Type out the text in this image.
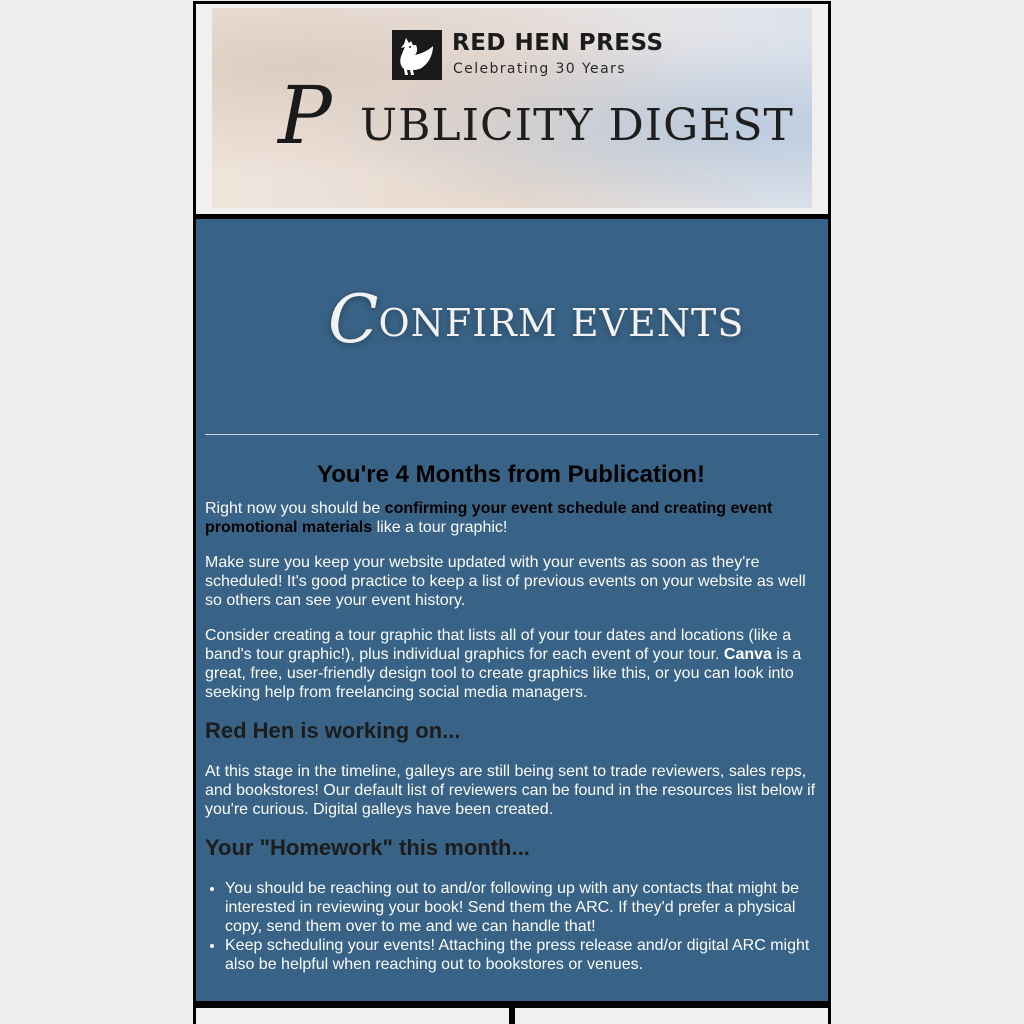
RED HEN PRESS
Celebrating 30 Years
P UBLICITY DIGEST
CONFIRM EVENTS
You're 4 Months from Publication!

Right now you should be confirming your event schedule and creating event promotional materials like a tour graphic!

Make sure you keep your website updated with your events as soon as they're scheduled! It's good practice to keep a list of previous events on your website as well so others can see your event history.

Consider creating a tour graphic that lists all of your tour dates and locations (like a band's tour graphic!), plus individual graphics for each event of your tour. Canva is a great, free, user-friendly design tool to create graphics like this, or you can look into seeking help from freelancing social media managers.

Red Hen is working on...

At this stage in the timeline, galleys are still being sent to trade reviewers, sales reps, and bookstores! Our default list of reviewers can be found in the resources list below if you're curious. Digital galleys have been created.

Your "Homework" this month...
• You should be reaching out to and/or following up with any contacts that might be interested in reviewing your book! Send them the ARC. If they'd prefer a physical copy, send them over to me and we can handle that!
• Keep scheduling your events! Attaching the press release and/or digital ARC might also be helpful when reaching out to bookstores or venues.
